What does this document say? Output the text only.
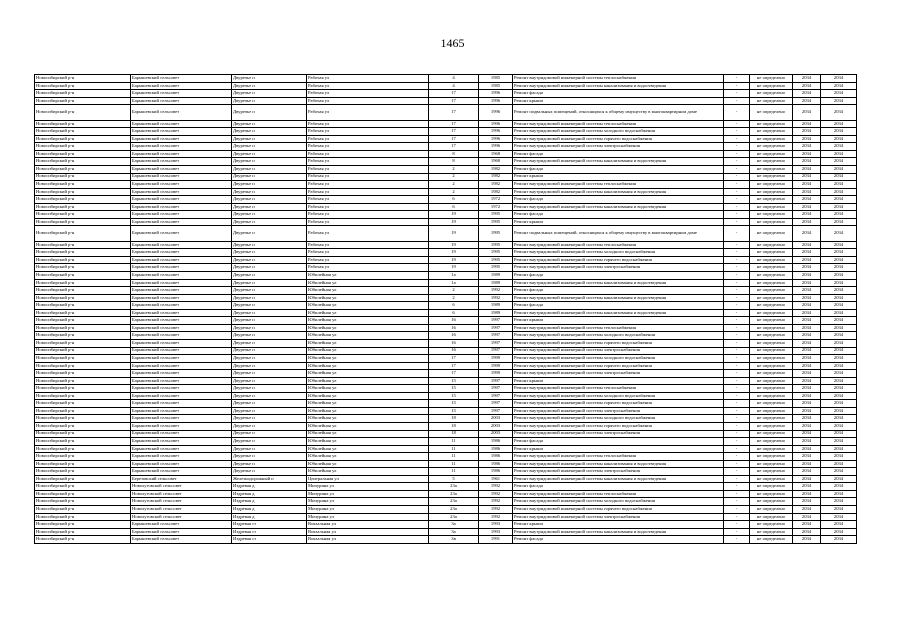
1465
Новосибирский р-н	Барышевский сельсовет	Двуречье п	Рабочая ул	4	1985	Ремонт внутридомовой инженерной системы теплоснабжения	-	не определено	2034	2034
Новосибирский р-н	Барышевский сельсовет	Двуречье п	Рабочая ул	4	1985	Ремонт внутридомовой инженерной системы канализования и водоотведения	-	не определено	2034	2034
Новосибирский р-н	Барышевский сельсовет	Двуречье п	Рабочая ул	17	1996	Ремонт фасада	-	не определено	2034	2034
Новосибирский р-н	Барышевский сельсовет	Двуречье п	Рабочая ул	17	1996	Ремонт крыши	-	не определено	2034	2034
Новосибирский р-н	Барышевский сельсовет	Двуречье п	Рабочая ул	17	1996	Ремонт подвальных помещений, относящихся к общему имуществу в многоквартирном доме	-	не определено	2034	2034
Новосибирский р-н	Барышевский сельсовет	Двуречье п	Рабочая ул	17	1996	Ремонт внутридомовой инженерной системы теплоснабжения	-	не определено	2034	2034
Новосибирский р-н	Барышевский сельсовет	Двуречье п	Рабочая ул	17	1996	Ремонт внутридомовой инженерной системы холодного водоснабжения	-	не определено	2034	2034
Новосибирский р-н	Барышевский сельсовет	Двуречье п	Рабочая ул	17	1996	Ремонт внутридомовой инженерной системы горячего водоснабжения	-	не определено	2034	2034
Новосибирский р-н	Барышевский сельсовет	Двуречье п	Рабочая ул	17	1996	Ремонт внутридомовой инженерной системы электроснабжения	-	не определено	2034	2034
Новосибирский р-н	Барышевский сельсовет	Двуречье п	Рабочая ул	8	1968	Ремонт фасада	-	не определено	2034	2034
Новосибирский р-н	Барышевский сельсовет	Двуречье п	Рабочая ул	8	1968	Ремонт внутридомовой инженерной системы канализования и водоотведения	-	не определено	2034	2034
Новосибирский р-н	Барышевский сельсовет	Двуречье п	Рабочая ул	2	1982	Ремонт фасада	-	не определено	2034	2034
Новосибирский р-н	Барышевский сельсовет	Двуречье п	Рабочая ул	2	1982	Ремонт крыши	-	не определено	2034	2034
Новосибирский р-н	Барышевский сельсовет	Двуречье п	Рабочая ул	2	1982	Ремонт внутридомовой инженерной системы теплоснабжения	-	не определено	2034	2034
Новосибирский р-н	Барышевский сельсовет	Двуречье п	Рабочая ул	2	1982	Ремонт внутридомовой инженерной системы канализования и водоотведения	-	не определено	2034	2034
Новосибирский р-н	Барышевский сельсовет	Двуречье п	Рабочая ул	6	1972	Ремонт фасада	-	не определено	2034	2034
Новосибирский р-н	Барышевский сельсовет	Двуречье п	Рабочая ул	6	1972	Ремонт внутридомовой инженерной системы канализования и водоотведения	-	не определено	2034	2034
Новосибирский р-н	Барышевский сельсовет	Двуречье п	Рабочая ул	19	1995	Ремонт фасада	-	не определено	2034	2034
Новосибирский р-н	Барышевский сельсовет	Двуречье п	Рабочая ул	19	1995	Ремонт крыши	-	не определено	2034	2034
Новосибирский р-н	Барышевский сельсовет	Двуречье п	Рабочая ул	19	1995	Ремонт подвальных помещений, относящихся к общему имуществу в многоквартирном доме	-	не определено	2034	2034
Новосибирский р-н	Барышевский сельсовет	Двуречье п	Рабочая ул	19	1995	Ремонт внутридомовой инженерной системы теплоснабжения	-	не определено	2034	2034
Новосибирский р-н	Барышевский сельсовет	Двуречье п	Рабочая ул	19	1995	Ремонт внутридомовой инженерной системы холодного водоснабжения	-	не определено	2034	2034
Новосибирский р-н	Барышевский сельсовет	Двуречье п	Рабочая ул	19	1995	Ремонт внутридомовой инженерной системы горячего водоснабжения	-	не определено	2034	2034
Новосибирский р-н	Барышевский сельсовет	Двуречье п	Рабочая ул	19	1995	Ремонт внутридомовой инженерной системы электроснабжения	-	не определено	2034	2034
Новосибирский р-н	Барышевский сельсовет	Двуречье п	Юбилейная ул	1а	1989	Ремонт фасада	-	не определено	2034	2034
Новосибирский р-н	Барышевский сельсовет	Двуречье п	Юбилейная ул	1а	1989	Ремонт внутридомовой инженерной системы канализования и водоотведения	-	не определено	2034	2034
Новосибирский р-н	Барышевский сельсовет	Двуречье п	Юбилейная ул	2	1992	Ремонт фасада	-	не определено	2034	2034
Новосибирский р-н	Барышевский сельсовет	Двуречье п	Юбилейная ул	2	1992	Ремонт внутридомовой инженерной системы канализования и водоотведения	-	не определено	2034	2034
Новосибирский р-н	Барышевский сельсовет	Двуречье п	Юбилейная ул	6	1989	Ремонт фасада	-	не определено	2034	2034
Новосибирский р-н	Барышевский сельсовет	Двуречье п	Юбилейная ул	6	1989	Ремонт внутридомовой инженерной системы канализования и водоотведения	-	не определено	2034	2034
Новосибирский р-н	Барышевский сельсовет	Двуречье п	Юбилейная ул	16	1997	Ремонт крыши	-	не определено	2034	2034
Новосибирский р-н	Барышевский сельсовет	Двуречье п	Юбилейная ул	16	1997	Ремонт внутридомовой инженерной системы теплоснабжения	-	не определено	2034	2034
Новосибирский р-н	Барышевский сельсовет	Двуречье п	Юбилейная ул	16	1997	Ремонт внутридомовой инженерной системы холодного водоснабжения	-	не определено	2034	2034
Новосибирский р-н	Барышевский сельсовет	Двуречье п	Юбилейная ул	16	1997	Ремонт внутридомовой инженерной системы горячего водоснабжения	-	не определено	2034	2034
Новосибирский р-н	Барышевский сельсовет	Двуречье п	Юбилейная ул	16	1997	Ремонт внутридомовой инженерной системы электроснабжения	-	не определено	2034	2034
Новосибирский р-н	Барышевский сельсовет	Двуречье п	Юбилейная ул	17	1999	Ремонт внутридомовой инженерной системы холодного водоснабжения	-	не определено	2034	2034
Новосибирский р-н	Барышевский сельсовет	Двуречье п	Юбилейная ул	17	1999	Ремонт внутридомовой инженерной системы горячего водоснабжения	-	не определено	2034	2034
Новосибирский р-н	Барышевский сельсовет	Двуречье п	Юбилейная ул	17	1999	Ремонт внутридомовой инженерной системы электроснабжения	-	не определено	2034	2034
Новосибирский р-н	Барышевский сельсовет	Двуречье п	Юбилейная ул	15	1997	Ремонт крыши	-	не определено	2034	2034
Новосибирский р-н	Барышевский сельсовет	Двуречье п	Юбилейная ул	15	1997	Ремонт внутридомовой инженерной системы теплоснабжения	-	не определено	2034	2034
Новосибирский р-н	Барышевский сельсовет	Двуречье п	Юбилейная ул	15	1997	Ремонт внутридомовой инженерной системы холодного водоснабжения	-	не определено	2034	2034
Новосибирский р-н	Барышевский сельсовет	Двуречье п	Юбилейная ул	15	1997	Ремонт внутридомовой инженерной системы горячего водоснабжения	-	не определено	2034	2034
Новосибирский р-н	Барышевский сельсовет	Двуречье п	Юбилейная ул	15	1997	Ремонт внутридомовой инженерной системы электроснабжения	-	не определено	2034	2034
Новосибирский р-н	Барышевский сельсовет	Двуречье п	Юбилейная ул	18	2003	Ремонт внутридомовой инженерной системы холодного водоснабжения	-	не определено	2034	2034
Новосибирский р-н	Барышевский сельсовет	Двуречье п	Юбилейная ул	18	2003	Ремонт внутридомовой инженерной системы горячего водоснабжения	-	не определено	2034	2034
Новосибирский р-н	Барышевский сельсовет	Двуречье п	Юбилейная ул	18	2003	Ремонт внутридомовой инженерной системы электроснабжения	-	не определено	2034	2034
Новосибирский р-н	Барышевский сельсовет	Двуречье п	Юбилейная ул	11	1986	Ремонт фасада	-	не определено	2034	2034
Новосибирский р-н	Барышевский сельсовет	Двуречье п	Юбилейная ул	11	1986	Ремонт крыши	-	не определено	2034	2034
Новосибирский р-н	Барышевский сельсовет	Двуречье п	Юбилейная ул	11	1986	Ремонт внутридомовой инженерной системы теплоснабжения	-	не определено	2034	2034
Новосибирский р-н	Барышевский сельсовет	Двуречье п	Юбилейная ул	11	1986	Ремонт внутридомовой инженерной системы канализования и водоотведения	-	не определено	2034	2034
Новосибирский р-н	Барышевский сельсовет	Двуречье п	Юбилейная ул	11	1986	Ремонт внутридомовой инженерной системы электроснабжения	-	не определено	2034	2034
Новосибирский р-н	Березовский сельсовет	Железнодорожный п	Центральная ул	5	1961	Ремонт внутридомовой инженерной системы канализования и водоотведения	-	не определено	2034	2034
Новосибирский р-н	Новолуговской сельсовет	Издревая д	Мичурина ул	23а	1992	Ремонт фасада	-	не определено	2034	2034
Новосибирский р-н	Новолуговской сельсовет	Издревая д	Мичурина ул	23а	1992	Ремонт внутридомовой инженерной системы теплоснабжения	-	не определено	2034	2034
Новосибирский р-н	Новолуговской сельсовет	Издревая д	Мичурина ул	23а	1992	Ремонт внутридомовой инженерной системы холодного водоснабжения	-	не определено	2034	2034
Новосибирский р-н	Новолуговской сельсовет	Издревая д	Мичурина ул	23а	1992	Ремонт внутридомовой инженерной системы горячего водоснабжения	-	не определено	2034	2034
Новосибирский р-н	Новолуговской сельсовет	Издревая д	Мичурина ул	23а	1992	Ремонт внутридомовой инженерной системы электроснабжения	-	не определено	2034	2034
Новосибирский р-н	Барышевский сельсовет	Издревая ст	Вокзальная ул	3а	1993	Ремонт крыши	-	не определено	2034	2034
Новосибирский р-н	Барышевский сельсовет	Издревая ст	Вокзальная ул	3а	1993	Ремонт внутридомовой инженерной системы канализования и водоотведения	-	не определено	2034	2034
Новосибирский р-н	Барышевский сельсовет	Издревая ст	Вокзальная ул	3в	1991	Ремонт фасада	-	не определено	2034	2034
